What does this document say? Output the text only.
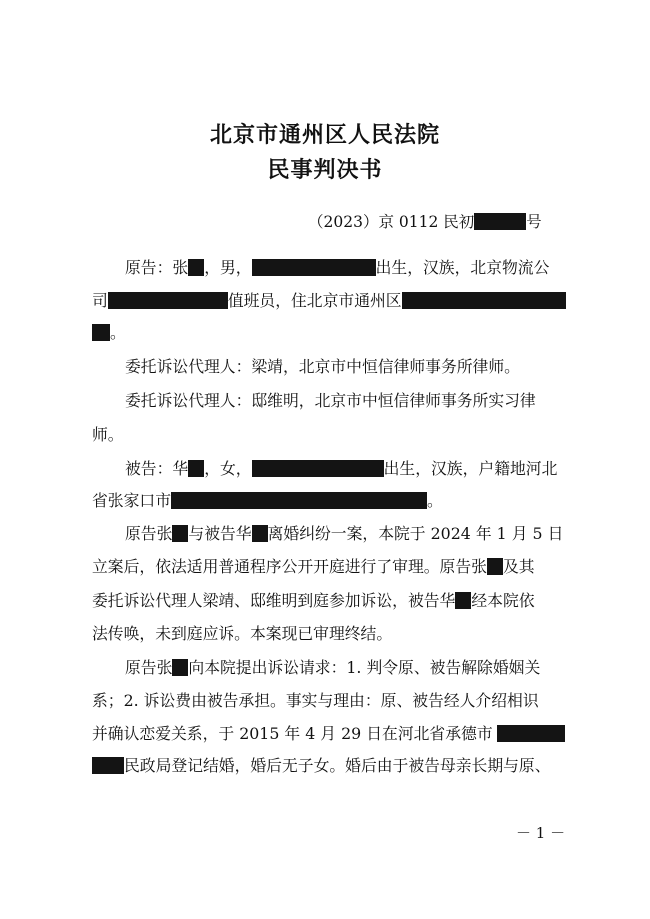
北京市通州区人民法院
民事判决书
（2023）京 0112 民初	号
原告：张 ，男，	出生，汉族，北京物流公
司	值班员，住北京市通州区
。
委托诉讼代理人：梁靖，北京市中恒信律师事务所律师。
委托诉讼代理人：邸维明，北京市中恒信律师事务所实习律
师。
被告：华 ，女，	出生，汉族，户籍地河北
省张家口市	。
原告张 与被告华 离婚纠纷一案，本院于 2024 年 1 月 5 日
立案后，依法适用普通程序公开开庭进行了审理。原告张 及其
委托诉讼代理人梁靖、邸维明到庭参加诉讼，被告华 经本院依
法传唤，未到庭应诉。本案现已审理终结。
原告张 向本院提出诉讼请求：1. 判令原、被告解除婚姻关
系；2. 诉讼费由被告承担。事实与理由：原、被告经人介绍相识
并确认恋爱关系，于 2015 年 4 月 29 日在河北省承德市
民政局登记结婚，婚后无子女。婚后由于被告母亲长期与原、
－ 1 －
